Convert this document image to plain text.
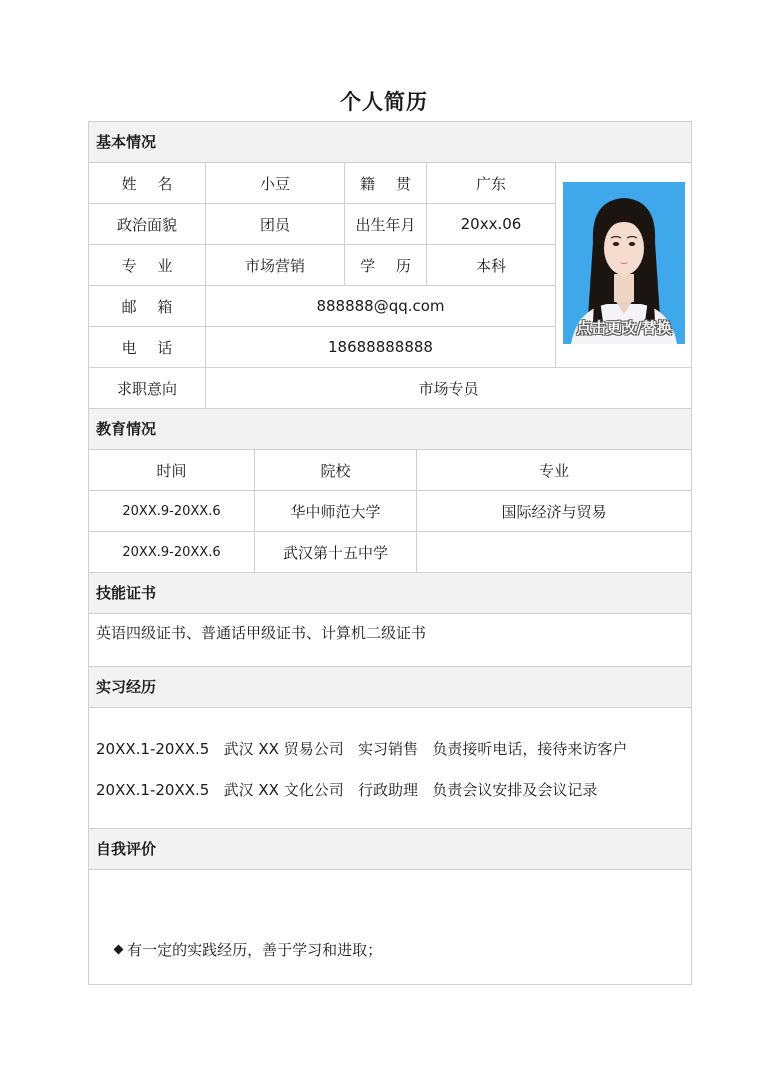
个人简历
基本情况
姓 名	小豆	籍 贯	广东
政治面貌	团员	出生年月	20xx.06
专 业	市场营销	学 历	本科
邮 箱	888888@qq.com
电 话	18688888888
求职意向	市场专员
点击更改/替换
教育情况
时间	院校	专业
20XX.9-20XX.6	华中师范大学	国际经济与贸易
20XX.9-20XX.6	武汉第十五中学
技能证书
英语四级证书、普通话甲级证书、计算机二级证书
实习经历
20XX.1-20XX.5   武汉 XX 贸易公司   实习销售   负责接听电话，接待来访客户
20XX.1-20XX.5   武汉 XX 文化公司   行政助理   负责会议安排及会议记录
自我评价

有一定的实践经历，善于学习和进取；
